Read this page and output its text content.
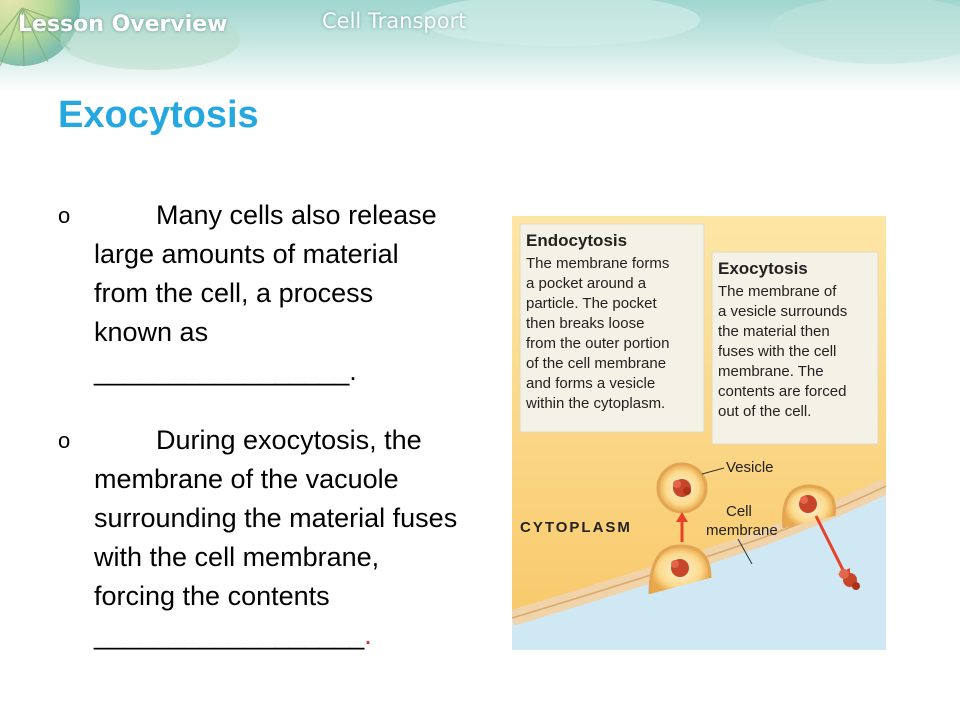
Lesson Overview	Cell Transport
Exocytosis
o	Many cells also release large amounts of material from the cell, a process known as _________________.
o	During exocytosis, the membrane of the vacuole surrounding the material fuses with the cell membrane, forcing the contents __________________.
Endocytosis
The membrane forms
a pocket around a
particle. The pocket
then breaks loose
from the outer portion
of the cell membrane
and forms a vesicle
within the cytoplasm.
Exocytosis
The membrane of
a vesicle surrounds
the material then
fuses with the cell
membrane. The
contents are forced
out of the cell.
Vesicle
Cell
membrane
CYTOPLASM
